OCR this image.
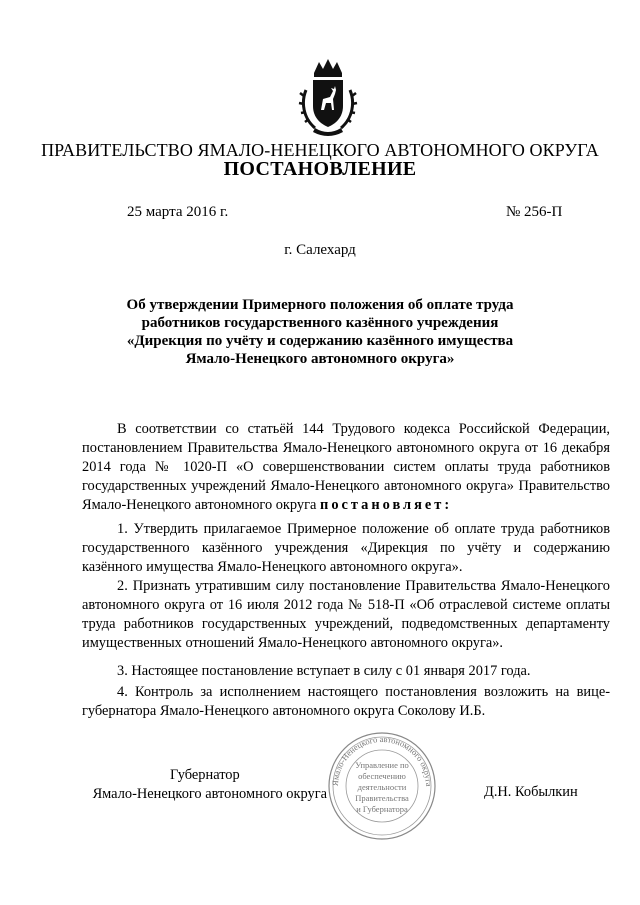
ПРАВИТЕЛЬСТВО ЯМАЛО-НЕНЕЦКОГО АВТОНОМНОГО ОКРУГА
ПОСТАНОВЛЕНИЕ
25 марта 2016 г.	№ 256-П
г. Салехард
Об утверждении Примерного положения об оплате труда
работников государственного казённого учреждения
«Дирекция по учёту и содержанию казённого имущества
Ямало-Ненецкого автономного округа»
В соответствии со статьёй 144 Трудового кодекса Российской Федерации, постановлением Правительства Ямало-Ненецкого автономного округа от 16 декабря 2014 года № 1020-П «О совершенствовании систем оплаты труда работников государственных учреждений Ямало-Ненецкого автономного округа» Правительство Ямало-Ненецкого автономного округа постановляет:
1. Утвердить прилагаемое Примерное положение об оплате труда работников государственного казённого учреждения «Дирекция по учёту и содержанию казённого имущества Ямало-Ненецкого автономного округа».
2. Признать утратившим силу постановление Правительства Ямало-Ненецкого автономного округа от 16 июля 2012 года № 518-П «Об отраслевой системе оплаты труда работников государственных учреждений, подведомственных департаменту имущественных отношений Ямало-Ненецкого автономного округа».
3. Настоящее постановление вступает в силу с 01 января 2017 года.
4. Контроль за исполнением настоящего постановления возложить на вице-губернатора Ямало-Ненецкого автономного округа Соколову И.Б.
Ямало-Ненецкого автономного округа
Управление по
обеспечению
деятельности
Правительства
и Губернатора
Губернатор
Ямало-Ненецкого автономного округа	Д.Н. Кобылкин
